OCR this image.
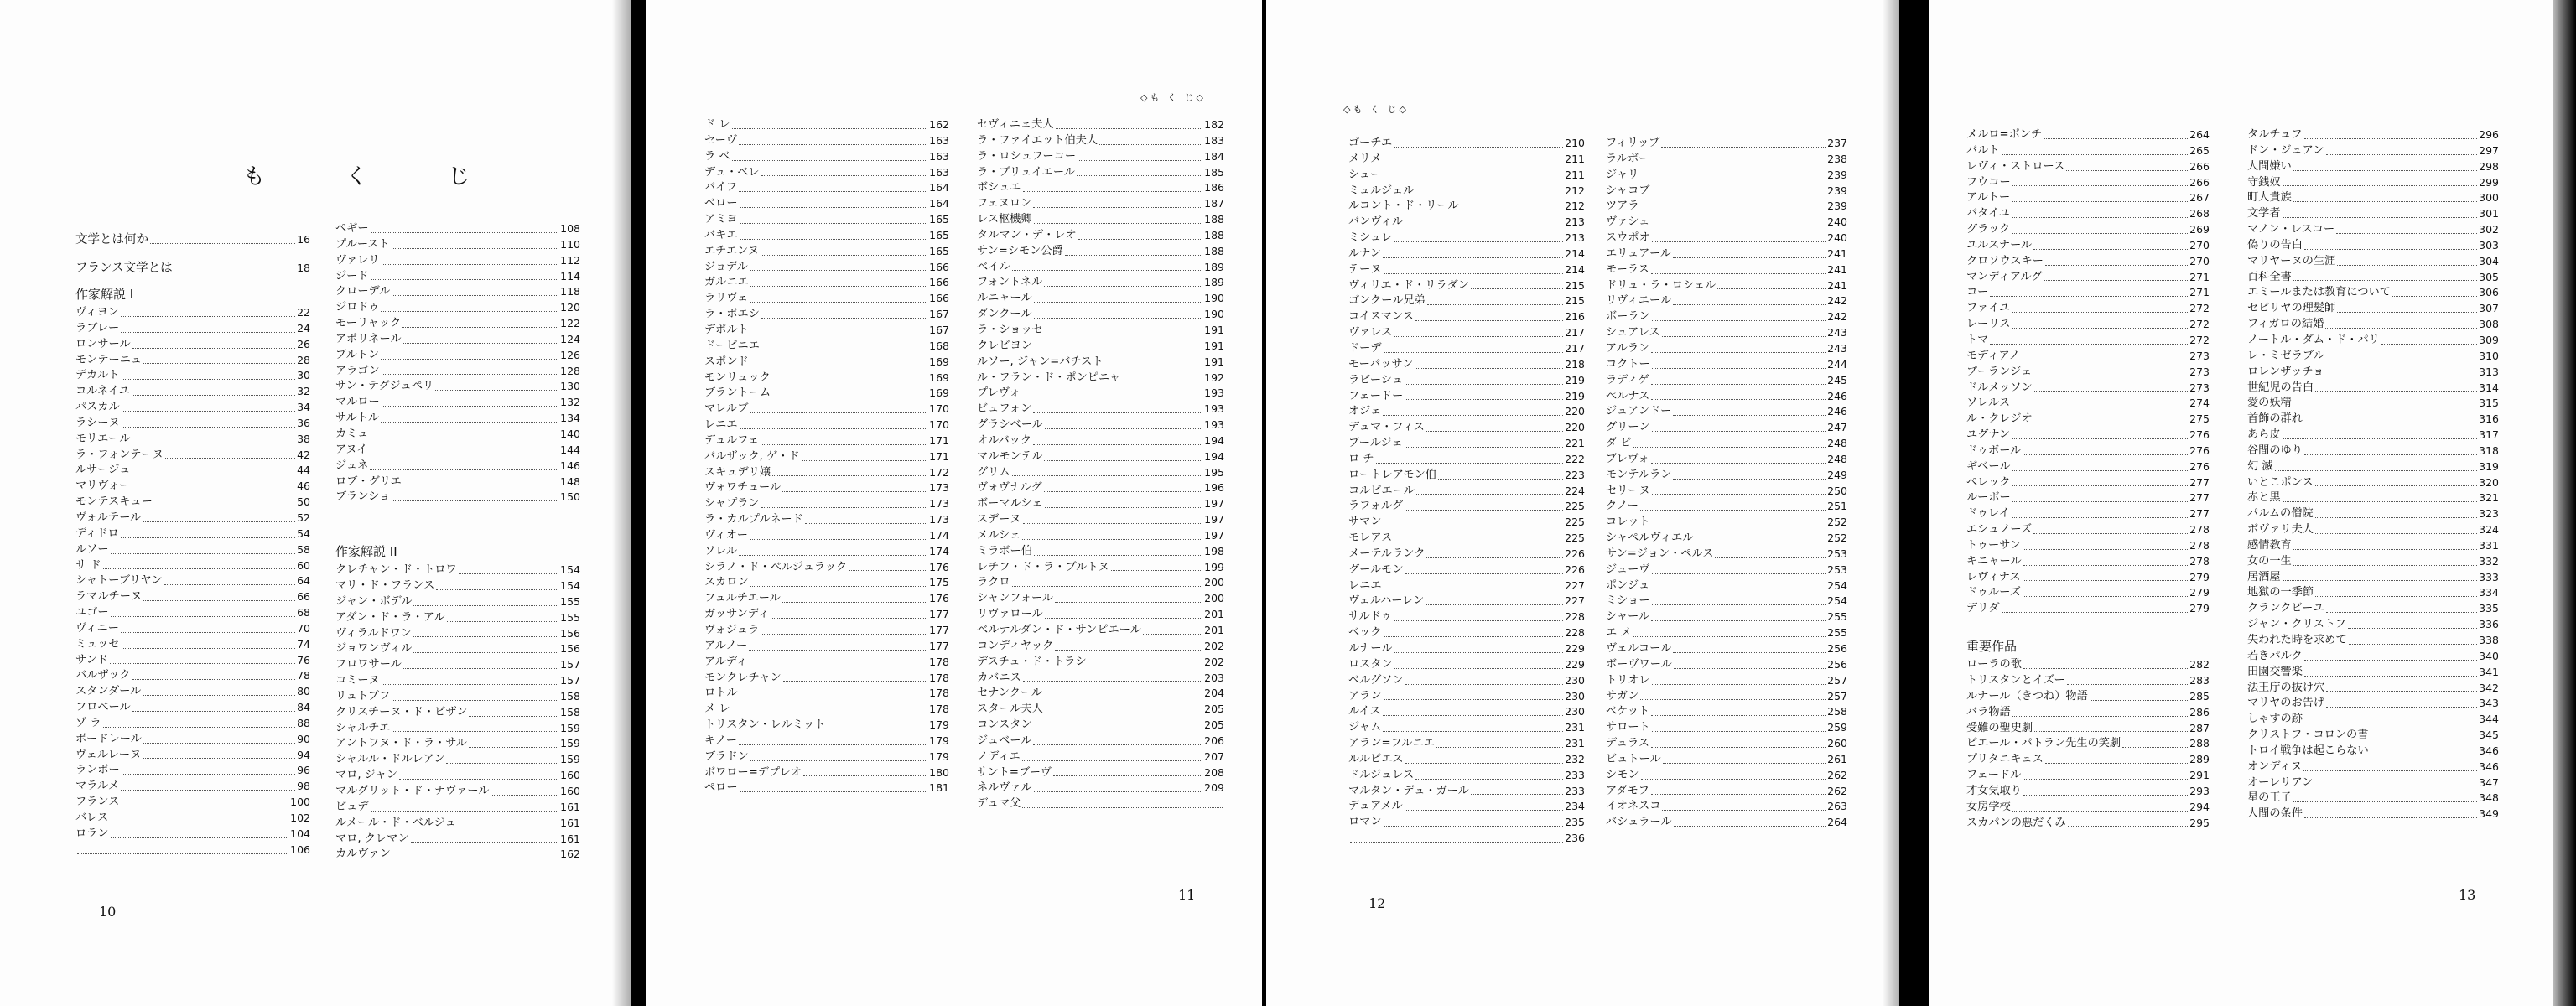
も く じ
文学とは何か	16
フランス文学とは	18
作家解説 I
ヴィヨン	22
ラブレー	24
ロンサール	26
モンテーニュ	28
デカルト	30
コルネイユ	32
パスカル	34
ラシーヌ	36
モリエール	38
ラ・フォンテーヌ	42
ルサージュ	44
マリヴォー	46
モンテスキュー	50
ヴォルテール	52
ディドロ	54
ルソー	58
サ ド	60
シャトーブリヤン	64
ラマルチーヌ	66
ユゴー	68
ヴィニー	70
ミュッセ	74
サンド	76
バルザック	78
スタンダール	80
フロベール	84
ゾ ラ	88
ボードレール	90
ヴェルレーヌ	94
ランボー	96
マラルメ	98
フランス	100
バレス	102
ロラン	104
106
ペギー	108
プルースト	110
ヴァレリ	112
ジード	114
クローデル	118
ジロドゥ	120
モーリャック	122
アポリネール	124
ブルトン	126
アラゴン	128
サン・テグジュペリ	130
マルロー	132
サルトル	134
カミュ	140
アヌイ	144
ジュネ	146
ロブ・グリエ	148
ブランショ	150
作家解説 II
クレチャン・ド・トロワ	154
マリ・ド・フランス	154
ジャン・ボデル	155
アダン・ド・ラ・アル	155
ヴィラルドワン	156
ジョワンヴィル	156
フロワサール	157
コミーヌ	157
リュトブフ	158
クリスチーヌ・ド・ピザン	158
シャルチエ	159
アントワヌ・ド・ラ・サル	159
シャルル・ドルレアン	159
マロ, ジャン	160
マルグリット・ド・ナヴァール	160
ビュデ	161
ルメール・ド・ベルジュ	161
マロ, クレマン	161
カルヴァン	162
10
◇も く じ◇
ド レ	162
セーヴ	163
ラ ベ	163
デュ・ベレ	163
バイフ	164
ベロー	164
アミヨ	165
バキエ	165
エチエンヌ	165
ジョデル	166
ガルニエ	166
ラリヴェ	166
ラ・ボエシ	167
デポルト	167
ドービニエ	168
スポンド	169
モンリュック	169
ブラントーム	169
マレルブ	170
レニエ	170
デュルフェ	171
バルザック, ゲ・ド	171
スキュデリ嬢	172
ヴォワチュール	173
シャプラン	173
ラ・カルプルネード	173
ヴィオー	174
ソレル	174
シラノ・ド・ベルジュラック	176
スカロン	175
フュルチエール	176
ガッサンディ	177
ヴォジュラ	177
アルノー	177
アルディ	178
モンクレチャン	178
ロトル	178
メ レ	178
トリスタン・レルミット	179
キノー	179
ブラドン	179
ボワロー=デプレオ	180
ペロー	181
セヴィニェ夫人	182
ラ・ファイエット伯夫人	183
ラ・ロシュフーコー	184
ラ・ブリュイエール	185
ボシュエ	186
フェヌロン	187
レス枢機卿	188
タルマン・デ・レオ	188
サン=シモン公爵	188
ベイル	189
フォントネル	189
ルニャール	190
ダンクール	190
ラ・ショッセ	191
クレビヨン	191
ルソー, ジャン=バチスト	191
ル・フラン・ド・ポンピニャ	192
プレヴォ	193
ビュフォン	193
グラシベール	193
オルバック	194
マルモンテル	194
グリム	195
ヴォヴナルグ	196
ボーマルシェ	197
スデーヌ	197
メルシェ	197
ミラボー伯	198
レチフ・ド・ラ・ブルトヌ	199
ラクロ	200
シャンフォール	200
リヴァロール	201
ベルナルダン・ド・サンピエール	201
コンディヤック	202
デスチュ・ド・トラシ	202
カバニス	203
セナンクール	204
スタール夫人	205
コンスタン	205
ジュベール	206
ノディエ	207
サント=ブーヴ	208
ネルヴァル	209
デュマ父
11
◇も く じ◇
ゴーチエ	210
メリメ	211
シュー	211
ミュルジェル	212
ルコント・ド・リール	212
バンヴィル	213
ミシュレ	213
ルナン	214
テーヌ	214
ヴィリエ・ド・リラダン	215
ゴンクール兄弟	215
コイスマンス	216
ヴァレス	217
ドーデ	217
モーパッサン	218
ラビーシュ	219
フェードー	219
オジェ	220
デュマ・フィス	220
ブールジェ	221
ロ チ	222
ロートレアモン伯	223
コルビエール	224
ラフォルグ	225
サマン	225
モレアス	225
メーテルランク	226
グールモン	226
レニエ	227
ヴェルハーレン	227
サルドゥ	228
ベック	228
ルナール	229
ロスタン	229
ベルグソン	230
アラン	230
ルイス	230
ジャム	231
アラン=フルニエ	231
ルルピエス	232
ドルジュレス	233
マルタン・デュ・ガール	233
デュアメル	234
ロマン	235
236
フィリップ	237
ラルボー	238
ジャリ	239
シャコブ	239
ツアラ	239
ヴァシェ	240
スウポオ	240
エリュアール	241
モーラス	241
ドリュ・ラ・ロシェル	241
リヴィエール	242
ボーラン	242
シュアレス	243
アルラン	243
コクトー	244
ラディゲ	245
ペルナス	246
ジュアンドー	246
グリーン	247
ダ ビ	248
ブレヴォ	248
モンテルラン	249
セリーヌ	250
クノー	251
コレット	252
シャペルヴィエル	252
サン=ジョン・ペルス	253
ジューヴ	253
ポンジュ	254
ミショー	254
シャール	255
エ メ	255
ヴェルコール	256
ボーヴワール	256
トリオレ	257
サガン	257
ベケット	258
サロート	259
デュラス	260
ビュトール	261
シモン	262
アダモフ	262
イオネスコ	263
バシュラール	264
12
メルロ=ポンチ	264
バルト	265
レヴィ・ストロース	266
フウコー	266
アルトー	267
バタイユ	268
グラック	269
ユルスナール	270
クロソウスキー	270
マンディアルグ	271
コー	271
ファイユ	272
レーリス	272
トマ	272
モディアノ	273
プーランジェ	273
ドルメッソン	273
ソレルス	274
ル・クレジオ	275
ユグナン	276
ドゥボール	276
ギベール	276
ペレック	277
ルーボー	277
ドゥレイ	277
エシュノーズ	278
トゥーサン	278
キニャール	278
レヴィナス	279
ドゥルーズ	279
デリダ	279
重要作品
ローラの歌	282
トリスタンとイズー	283
ルナール（きつね）物語	285
バラ物語	286
受難の聖史劇	287
ピエール・パトラン先生の笑劇	288
プリタニキュス	289
フェードル	291
才女気取り	293
女房学校	294
スカパンの悪だくみ	295
タルチュフ	296
ドン・ジュアン	297
人間嫌い	298
守銭奴	299
町人貴族	300
文学者	301
マノン・レスコー	302
偽りの告白	303
マリヤーヌの生涯	304
百科全書	305
エミールまたは教育について	306
セビリヤの理髪師	307
フィガロの結婚	308
ノートル・ダム・ド・パリ	309
レ・ミゼラブル	310
ロレンザッチョ	313
世紀児の告白	314
愛の妖精	315
首飾の群れ	316
あら皮	317
谷間のゆり	318
幻 滅	319
いとこポンス	320
赤と黒	321
パルムの僧院	323
ボヴァリ夫人	324
感情教育	331
女の一生	332
居酒屋	333
地獄の一季節	334
クランクビーユ	335
ジャン・クリストフ	336
失われた時を求めて	338
若きパルク	340
田園交響楽	341
法王庁の抜け穴	342
マリヤのお告げ	343
しゃすの跡	344
クリストフ・コロンの書	345
トロイ戦争は起こらない	346
オンディヌ	346
オーレリアン	347
星の王子	348
人間の条件	349
13
